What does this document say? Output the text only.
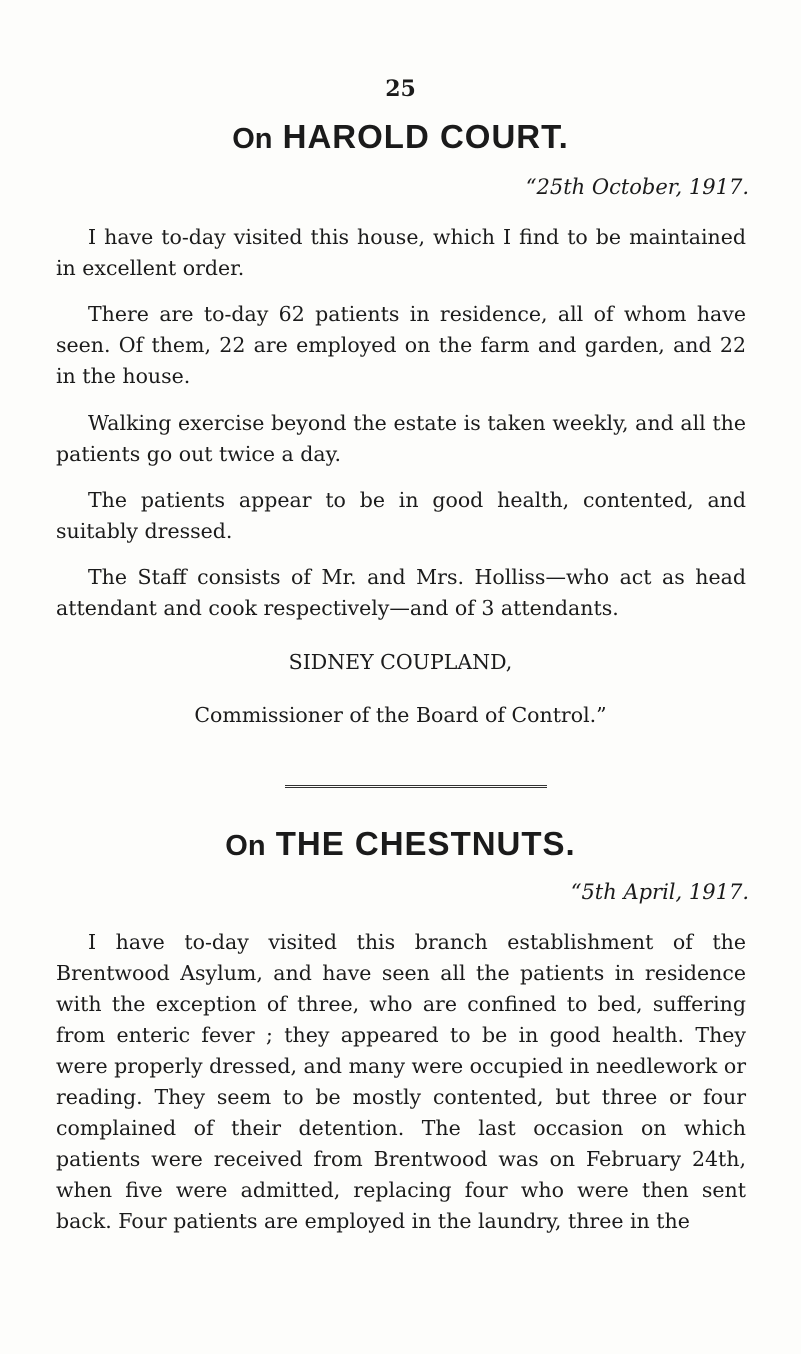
25
On HAROLD COURT.
“25th October, 1917.

I have to-day visited this house, which I find to be maintained in excellent order.

There are to-day 62 patients in residence, all of whom have seen. Of them, 22 are employed on the farm and garden, and 22 in the house.

Walking exercise beyond the estate is taken weekly, and all the patients go out twice a day.

The patients appear to be in good health, contented, and suitably dressed.

The Staff consists of Mr. and Mrs. Holliss—who act as head attendant and cook respectively—and of 3 attendants.

SIDNEY COUPLAND,
Commissioner of the Board of Control.”
On THE CHESTNUTS.
“5th April, 1917.

I have to-day visited this branch establishment of the Brentwood Asylum, and have seen all the patients in residence with the exception of three, who are confined to bed, suffering from enteric fever ; they appeared to be in good health. They were properly dressed, and many were occupied in needlework or reading. They seem to be mostly contented, but three or four complained of their detention. The last occasion on which patients were received from Brentwood was on February 24th, when five were admitted, replacing four who were then sent back. Four patients are employed in the laundry, three in the
